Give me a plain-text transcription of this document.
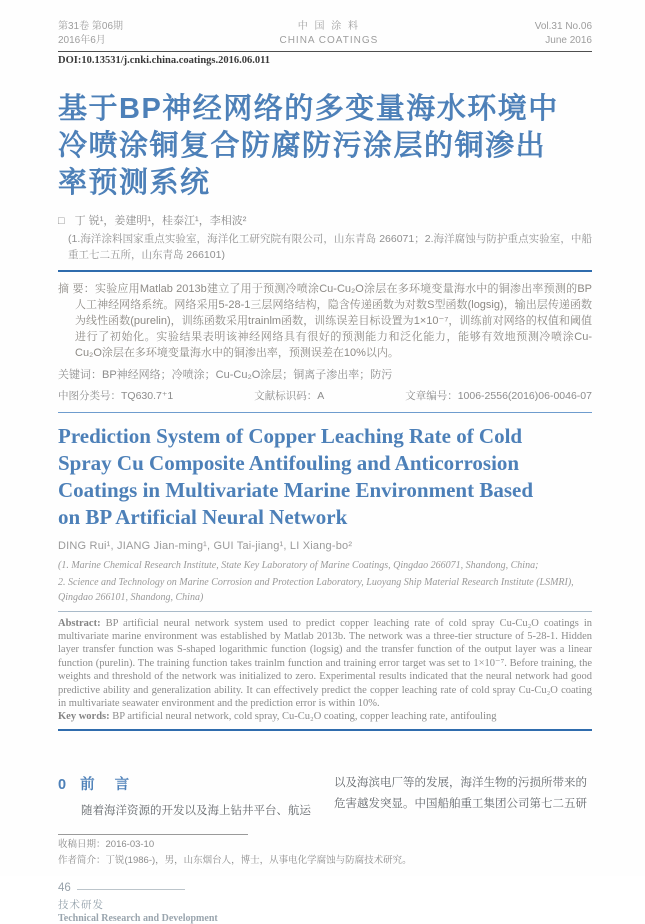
第31卷 第06期
2016年6月
中 国 涂 料
CHINA COATINGS
Vol.31 No.06
June 2016
DOI:10.13531/j.cnki.china.coatings.2016.06.011
基于BP神经网络的多变量海水环境中
冷喷涂铜复合防腐防污涂层的铜渗出
率预测系统
□ 丁 锐¹，姜建明¹，桂泰江¹，李相波²
(1.海洋涂料国家重点实验室，海洋化工研究院有限公司，山东青岛 266071；2.海洋腐蚀与防护重点实验室，中船重工七二五所，山东青岛 266101)
摘 要：实验应用Matlab 2013b建立了用于预测冷喷涂Cu-Cu₂O涂层在多环境变量海水中的铜渗出率预测的BP人工神经网络系统。网络采用5-28-1三层网络结构，隐含传递函数为对数S型函数(logsig)，输出层传递函数为线性函数(purelin)，训练函数采用trainlm函数，训练误差目标设置为1×10⁻⁷，训练前对网络的权值和阈值进行了初始化。实验结果表明该神经网络具有很好的预测能力和泛化能力，能够有效地预测冷喷涂Cu-Cu₂O涂层在多环境变量海水中的铜渗出率，预测误差在10%以内。
关键词：BP神经网络；冷喷涂；Cu-Cu₂O涂层；铜离子渗出率；防污
中图分类号：TQ630.7⁺1	文献标识码：A	文章编号：1006-2556(2016)06-0046-07
Prediction System of Copper Leaching Rate of Cold
Spray Cu Composite Antifouling and Anticorrosion
Coatings in Multivariate Marine Environment Based
on BP Artificial Neural Network
DING Rui¹, JIANG Jian-ming¹, GUI Tai-jiang¹, LI Xiang-bo²
(1. Marine Chemical Research Institute, State Key Laboratory of Marine Coatings, Qingdao 266071, Shandong, China;
2. Science and Technology on Marine Corrosion and Protection Laboratory, Luoyang Ship Material Research Institute (LSMRI), Qingdao 266101, Shandong, China)
Abstract: BP artificial neural network system used to predict copper leaching rate of cold spray Cu-Cu₂O coatings in multivariate marine environment was established by Matlab 2013b. The network was a three-tier structure of 5-28-1. Hidden layer transfer function was S-shaped logarithmic function (logsig) and the transfer function of the output layer was a linear function (purelin). The training function takes trainlm function and training error target was set to 1×10⁻⁷. Before training, the weights and threshold of the network was initialized to zero. Experimental results indicated that the neural network had good predictive ability and generalization ability. It can effectively predict the copper leaching rate of cold spray Cu-Cu₂O coating in multivariate seawater environment and the prediction error is within 10%.
Key words: BP artificial neural network, cold spray, Cu-Cu₂O coating, copper leaching rate, antifouling
0 前 言
随着海洋资源的开发以及海上钻井平台、航运
以及海滨电厂等的发展，海洋生物的污损所带来的
危害越发突显。中国船舶重工集团公司第七二五研
收稿日期：2016-03-10
作者简介：丁锐(1986-)，男，山东烟台人，博士，从事电化学腐蚀与防腐技术研究。
46
技术研发
Technical Research and Development
